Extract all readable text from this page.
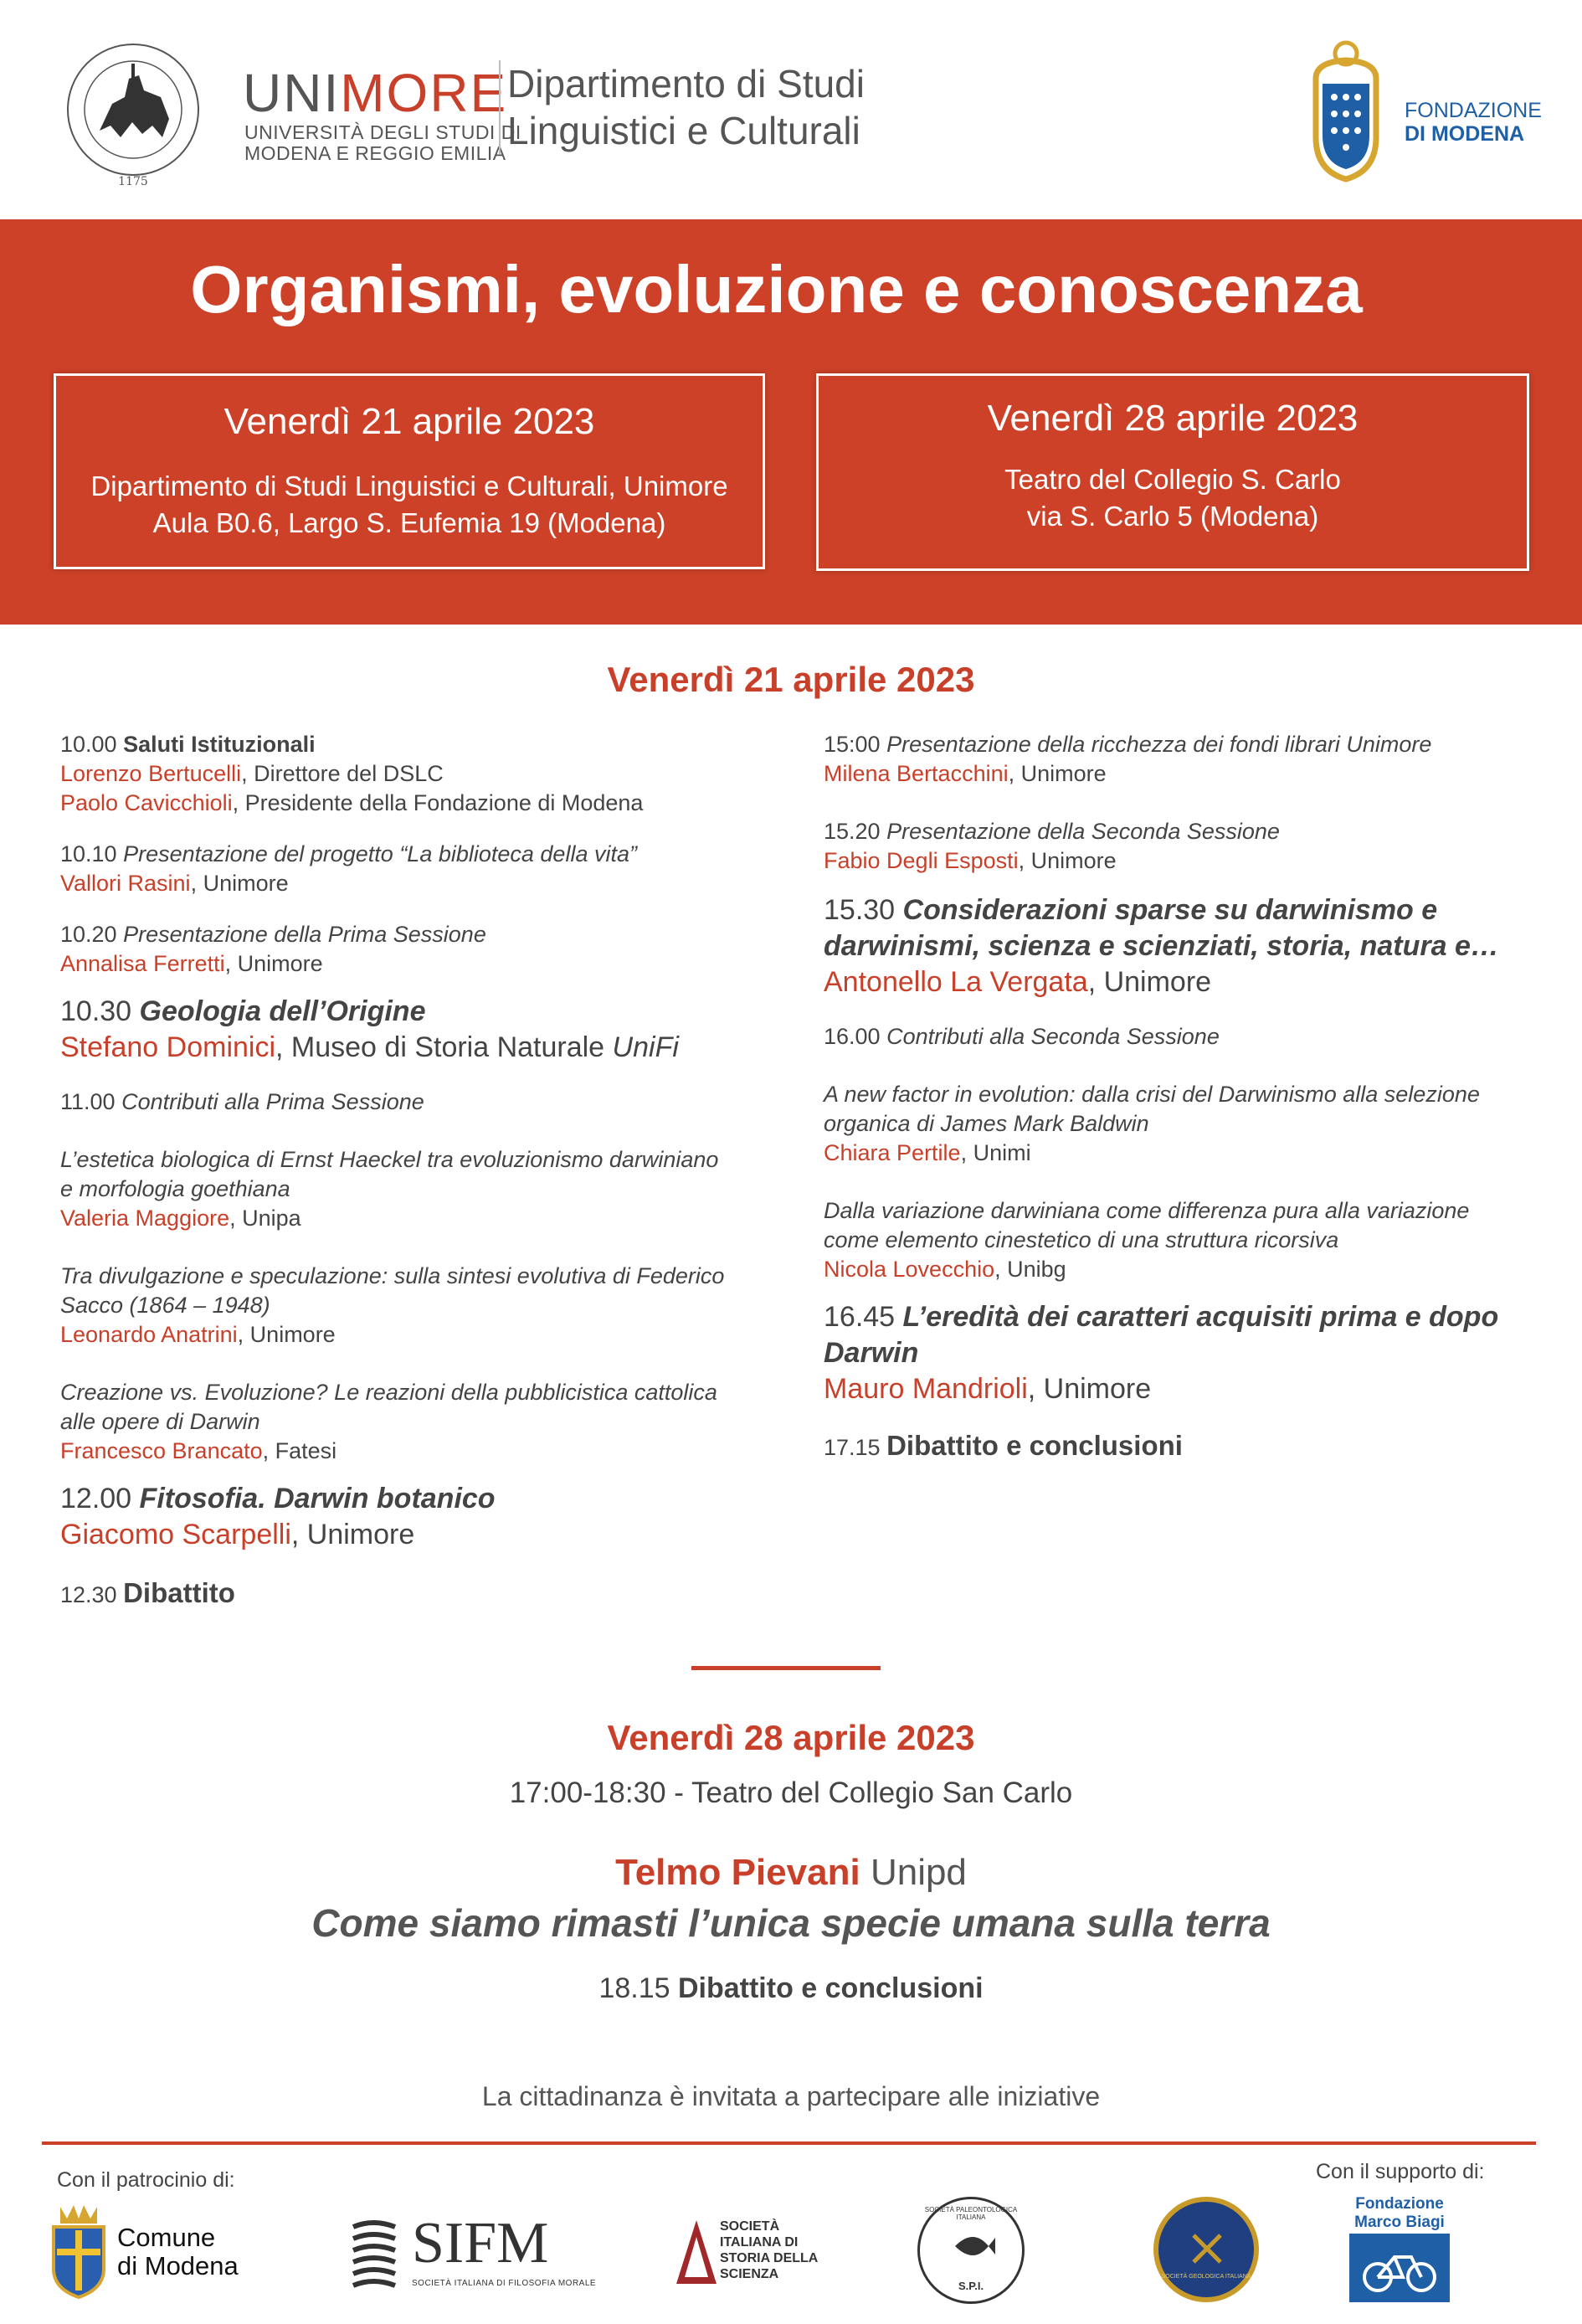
1175
UNIMORE
UNIVERSITÀ DEGLI STUDI DI
MODENA E REGGIO EMILIA
Dipartimento di Studi
Linguistici e Culturali	FONDAZIONE
DI MODENA
Organismi, evoluzione e conoscenza
Venerdì 21 aprile 2023
Dipartimento di Studi Linguistici e Culturali, Unimore
Aula B0.6, Largo S. Eufemia 19 (Modena)
Venerdì 28 aprile 2023
Teatro del Collegio S. Carlo
via S. Carlo 5 (Modena)
Venerdì 21 aprile 2023

10.00 Saluti Istituzionali

Lorenzo Bertucelli, Direttore del DSLC

Paolo Cavicchioli, Presidente della Fondazione di Modena

10.10 Presentazione del progetto “La biblioteca della vita”

Vallori Rasini, Unimore

10.20 Presentazione della Prima Sessione

Annalisa Ferretti, Unimore

10.30 Geologia dell’Origine

Stefano Dominici, Museo di Storia Naturale UniFi

11.00 Contributi alla Prima Sessione

L’estetica biologica di Ernst Haeckel tra evoluzionismo darwiniano

e morfologia goethiana

Valeria Maggiore, Unipa

Tra divulgazione e speculazione: sulla sintesi evolutiva di Federico

Sacco (1864 – 1948)

Leonardo Anatrini, Unimore

Creazione vs. Evoluzione? Le reazioni della pubblicistica cattolica

alle opere di Darwin

Francesco Brancato, Fatesi

12.00 Fitosofia. Darwin botanico

Giacomo Scarpelli, Unimore

12.30 Dibattito

15:00 Presentazione della ricchezza dei fondi librari Unimore

Milena Bertacchini, Unimore

15.20 Presentazione della Seconda Sessione

Fabio Degli Esposti, Unimore

15.30 Considerazioni sparse su darwinismo e

darwinismi, scienza e scienziati, storia, natura e…

Antonello La Vergata, Unimore

16.00 Contributi alla Seconda Sessione

A new factor in evolution: dalla crisi del Darwinismo alla selezione

organica di James Mark Baldwin

Chiara Pertile, Unimi

Dalla variazione darwiniana come differenza pura alla variazione

come elemento cinestetico di una struttura ricorsiva

Nicola Lovecchio, Unibg

16.45 L’eredità dei caratteri acquisiti prima e dopo

Darwin

Mauro Mandrioli, Unimore

17.15 Dibattito e conclusioni

Venerdì 28 aprile 2023
17:00-18:30 - Teatro del Collegio San Carlo
Telmo Pievani Unipd
Come siamo rimasti l’unica specie umana sulla terra
18.15 Dibattito e conclusioni
La cittadinanza è invitata a partecipare alle iniziative
Con il patrocinio di:	Con il supporto di:
Comune
di Modena	SIFM
SOCIETÀ ITALIANA DI FILOSOFIA MORALE
SOCIETÀ
ITALIANA DI
STORIA DELLA
SCIENZA
SOCIETÀ PALEONTOLOGICA ITALIANA
S.P.I.
SOCIETÀ GEOLOGICA ITALIANA
Fondazione
Marco Biagi
